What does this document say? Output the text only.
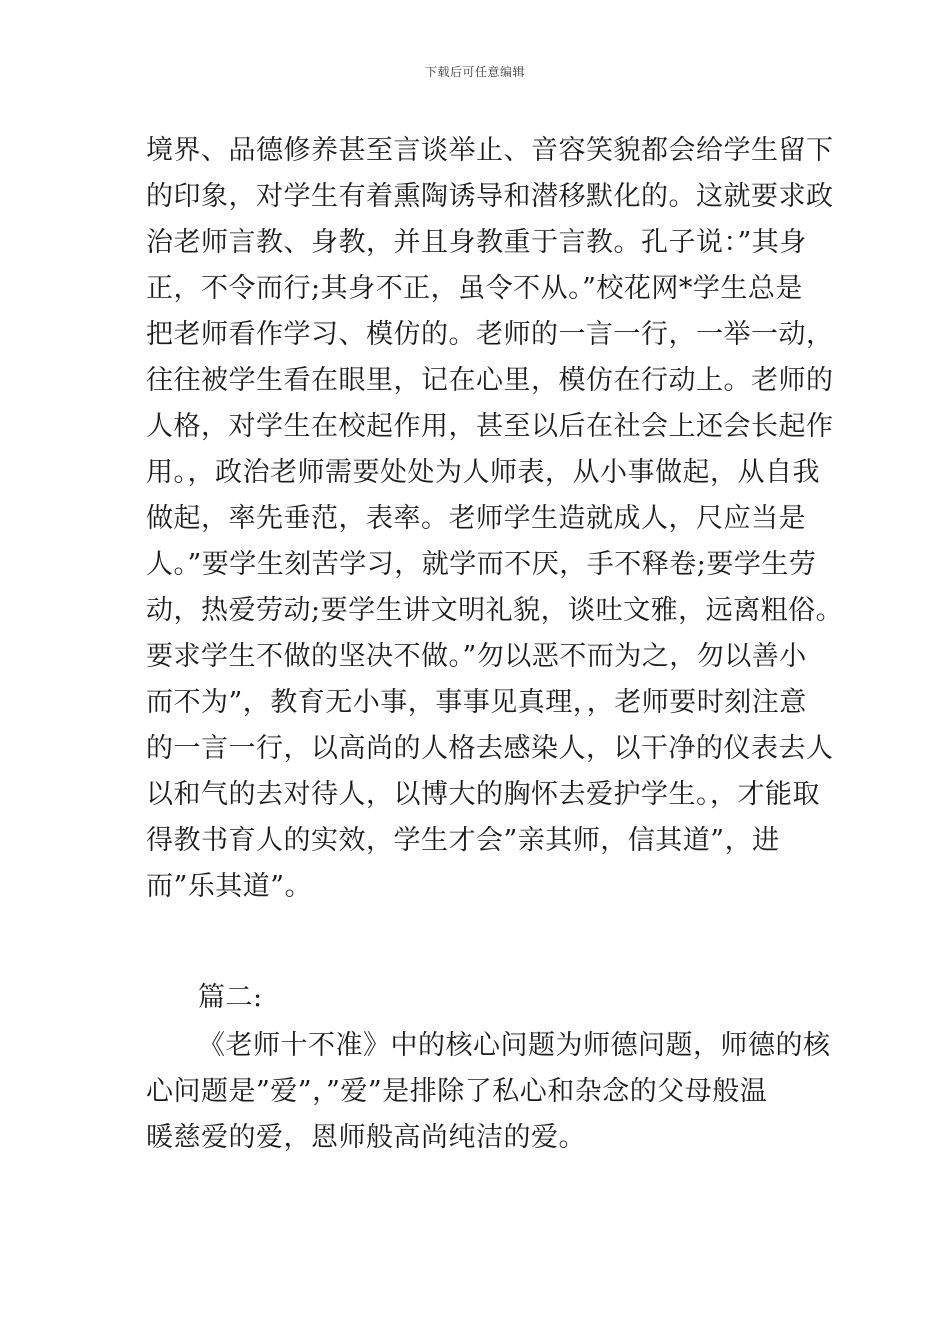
下载后可任意编辑
境界、品德修养甚至言谈举止、音容笑貌都会给学生留下
的印象，对学生有着熏陶诱导和潜移默化的。这就要求政
治老师言教、身教，并且身教重于言教。孔子说：”其身
正，不令而行;其身不正，虽令不从。”校花网*学生总是
把老师看作学习、模仿的。老师的一言一行，一举一动，
往往被学生看在眼里，记在心里，模仿在行动上。老师的
人格，对学生在校起作用，甚至以后在社会上还会长起作
用。，政治老师需要处处为人师表，从小事做起，从自我
做起，率先垂范，表率。老师学生造就成人，尺应当是
人。”要学生刻苦学习，就学而不厌，手不释卷;要学生劳
动，热爱劳动;要学生讲文明礼貌，谈吐文雅，远离粗俗。
要求学生不做的坚决不做。”勿以恶不而为之，勿以善小
而不为”，教育无小事，事事见真理，，老师要时刻注意
的一言一行，以高尚的人格去感染人，以干净的仪表去人
以和气的去对待人，以博大的胸怀去爱护学生。，才能取
得教书育人的实效，学生才会”亲其师，信其道”，进
而”乐其道”。
篇二:
《老师十不准》中的核心问题为师德问题，师德的核
心问题是”爱”，”爱”是排除了私心和杂念的父母般温
暖慈爱的爱，恩师般高尚纯洁的爱。
